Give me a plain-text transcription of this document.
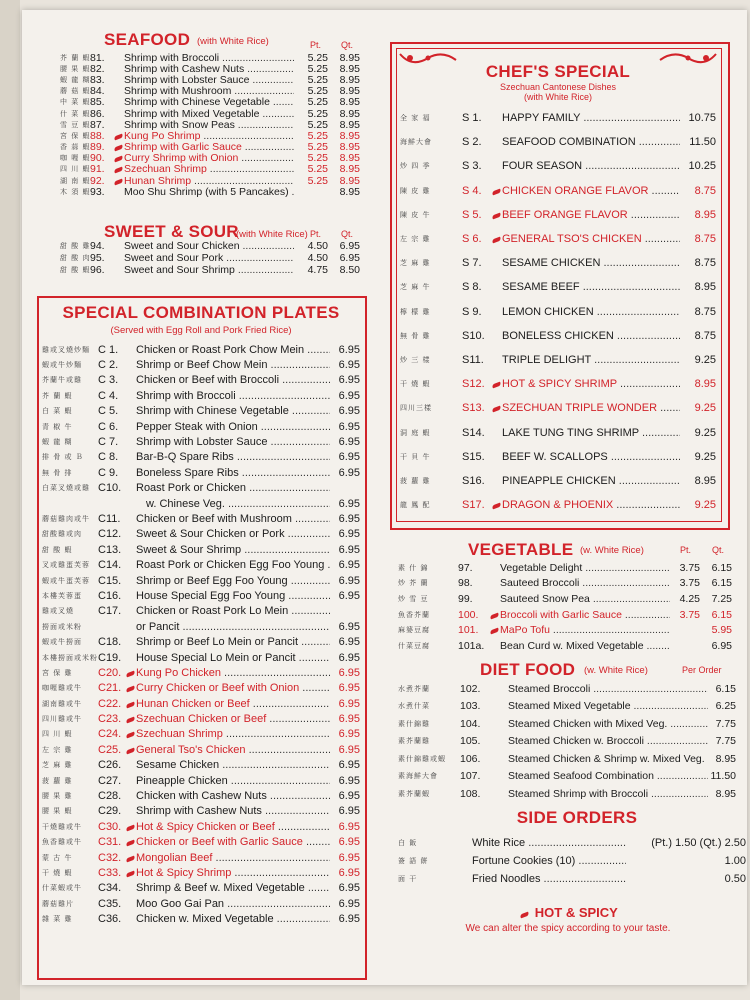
SEAFOOD (with White Rice)	Pt. Qt.
芥 蘭 蝦 81.	Shrimp with Broccoli .....	5.25	8.95
腰 果 蝦 82.	Shrimp with Cashew Nuts .....	5.25	8.95
蝦 龍 糊 83.	Shrimp with Lobster Sauce .....	5.25	8.95
蘑 菇 蝦 84.	Shrimp with Mushroom .....	5.25	8.95
中 菜 蝦 85.	Shrimp with Chinese Vegetable .....	5.25	8.95
什 菜 蝦 86.	Shrimp with Mixed Vegetable .....	5.25	8.95
雪 豆 蝦 87.	Shrimp with Snow Peas .....	5.25	8.95
宮 保 蝦 88.	Kung Po Shrimp .....	5.25	8.95
香 蒜 蝦 89.	Shrimp with Garlic Sauce .....	5.25	8.95
咖 喱 蝦 90.	Curry Shrimp with Onion .....	5.25	8.95
四 川 蝦 91.	Szechuan Shrimp .....	5.25	8.95
湖 南 蝦 92.	Hunan Shrimp .....	5.25	8.95
木 須 蝦 93.	Moo Shu Shrimp (with 5 Pancakes) .....	8.95
SWEET & SOUR
(with White Rice) Pt. Qt.
甜 酸 雞 94.	Sweet and Sour Chicken .....	4.50	6.95
甜 酸 肉 95.	Sweet and Sour Pork .....	4.50	6.95
甜 酸 蝦 96.	Sweet and Sour Shrimp .....	4.75	8.50
SPECIAL COMBINATION PLATES
(Served with Egg Roll and Pork Fried Rice)
雞或叉燒炒麵 C 1.	Chicken or Roast Pork Chow Mein .....	6.95
蝦或牛炒麵	C 2.	Shrimp or Beef Chow Mein .....	6.95
芥蘭牛或雞	C 3.	Chicken or Beef with Broccoli .....	6.95
芥 蘭 蝦	C 4.	Shrimp with Broccoli .....	6.95
白 菜 蝦	C 5.	Shrimp with Chinese Vegetable .....	6.95
青 椒 牛	C 6.	Pepper Steak with Onion .....	6.95
蝦 龍 糊	C 7.	Shrimp with Lobster Sauce .....	6.95
排 骨 或 Ｂ	C 8.	Bar-B-Q Spare Ribs .....	6.95
無 骨 排	C 9.	Boneless Spare Ribs .....	6.95
白菜叉燒或雞 C10. Roast Pork or Chicken .....
w. Chinese Veg. .....	6.95
蘑菇雞肉或牛 C11.	Chicken or Beef with Mushroom .....	6.95
甜酸雞或肉	C12. Sweet & Sour Chicken or Pork .....	6.95
甜 酸 蝦	C13. Sweet & Sour Shrimp .....	6.95
叉或雞蛋芙蓉 C14. Roast Pork or Chicken Egg Foo Young .....	6.95
蝦或牛蛋芙蓉 C15. Shrimp or Beef Egg Foo Young .....	6.95
本樓芙蓉蛋	C16. House Special Egg Foo Young .....	6.95
雞或叉燒	C17. Chicken or Roast Pork Lo Mein .....
撈面或米粉	or Pancit .....	6.95
蝦或牛撈面	C18. Shrimp or Beef Lo Mein or Pancit .....	6.95
本樓撈面或米粉 C19. House Special Lo Mein or Pancit .....	6.95
宮 保 雞	C20. Kung Po Chicken .....	6.95
咖喱雞或牛	C21. Curry Chicken or Beef with Onion .....	6.95
湖南雞或牛	C22. Hunan Chicken or Beef .....	6.95
四川雞或牛	C23. Szechuan Chicken or Beef .....	6.95
四 川 蝦	C24. Szechuan Shrimp .....	6.95
左 宗 雞	C25. General Tso's Chicken .....	6.95
芝 麻 雞	C26. Sesame Chicken .....	6.95
菠 蘿 雞	C27. Pineapple Chicken .....	6.95
腰 果 雞	C28. Chicken with Cashew Nuts .....	6.95
腰 果 蝦	C29. Shrimp with Cashew Nuts .....	6.95
干燒雞或牛	C30. Hot & Spicy Chicken or Beef .....	6.95
魚香雞或牛	C31. Chicken or Beef with Garlic Sauce .....	6.95
蒙 古 牛	C32. Mongolian Beef .....	6.95
干 燒 蝦	C33. Hot & Spicy Shrimp .....	6.95
什菜蝦或牛	C34. Shrimp & Beef w. Mixed Vegetable .....	6.95
蘑菇雞片	C35. Moo Goo Gai Pan .....	6.95
雜 菜 雞	C36. Chicken w. Mixed Vegetable .....	6.95
CHEF'S SPECIAL
Szechuan Cantonese Dishes
(with White Rice)
全 家 福	S 1.	HAPPY FAMILY .....	10.75
海鮮大會	S 2.	SEAFOOD COMBINATION .....	11.50
炒 四 季	S 3.	FOUR SEASON .....	10.25
陳 皮 雞	S 4.	CHICKEN ORANGE FLAVOR .....	8.75
陳 皮 牛	S 5.	BEEF ORANGE FLAVOR .....	8.95
左 宗 雞	S 6.	GENERAL TSO'S CHICKEN .....	8.75
芝 麻 雞	S 7.	SESAME CHICKEN .....	8.75
芝 麻 牛	S 8.	SESAME BEEF .....	8.95
檸 檬 雞	S 9.	LEMON CHICKEN .....	8.75
無 骨 雞	S10.	BONELESS CHICKEN .....	8.75
炒 三 樣	S11.	TRIPLE DELIGHT .....	9.25
干 燒 蝦	S12.	HOT & SPICY SHRIMP .....	8.95
四川三樣	S13.	SZECHUAN TRIPLE WONDER .....	9.25
洞 庭 蝦	S14.	LAKE TUNG TING SHRIMP .....	9.25
干 貝 牛	S15.	BEEF W. SCALLOPS .....	9.25
菠 蘿 雞	S16.	PINEAPPLE CHICKEN .....	8.95
龍 鳳 配	S17.	DRAGON & PHOENIX .....	9.25
VEGETABLE (w. White Rice)	Pt. Qt.
素 什 錦	97.	Vegetable Delight .....	3.75	6.15
炒 芥 蘭	98.	Sauteed Broccoli .....	3.75	6.15
炒 雪 豆	99.	Sauteed Snow Pea .....	4.25	7.25
魚香芥蘭	100.	Broccoli with Garlic Sauce .....	3.75	6.15
麻婆豆腐	101.	MaPo Tofu .....	5.95
什菜豆腐	101a.	Bean Curd w. Mixed Vegetable .....	6.95
DIET FOOD (w. White Rice)	Per Order
水煮芥蘭	102.	Steamed Broccoli .....	6.15
水煮什菜	103.	Steamed Mixed Vegetable .....	6.25
素什錦雞	104.	Steamed Chicken with Mixed Veg. .....	7.75
素芥蘭雞	105.	Steamed Chicken w. Broccoli .....	7.75
素什錦雞或蝦	106.	Steamed Chicken & Shrimp w. Mixed Veg. .....	8.95
素海鮮大會	107.	Steamed Seafood Combination .....	11.50
素芥蘭蝦	108.	Steamed Shrimp with Broccoli .....	8.95
SIDE ORDERS
白 飯	White Rice .....	(Pt.) 1.50 (Qt.) 2.50
簽 語 餅	Fortune Cookies (10) .....	1.00
面 干	Fried Noodles .....	0.50
HOT & SPICY
We can alter the spicy according to your taste.
